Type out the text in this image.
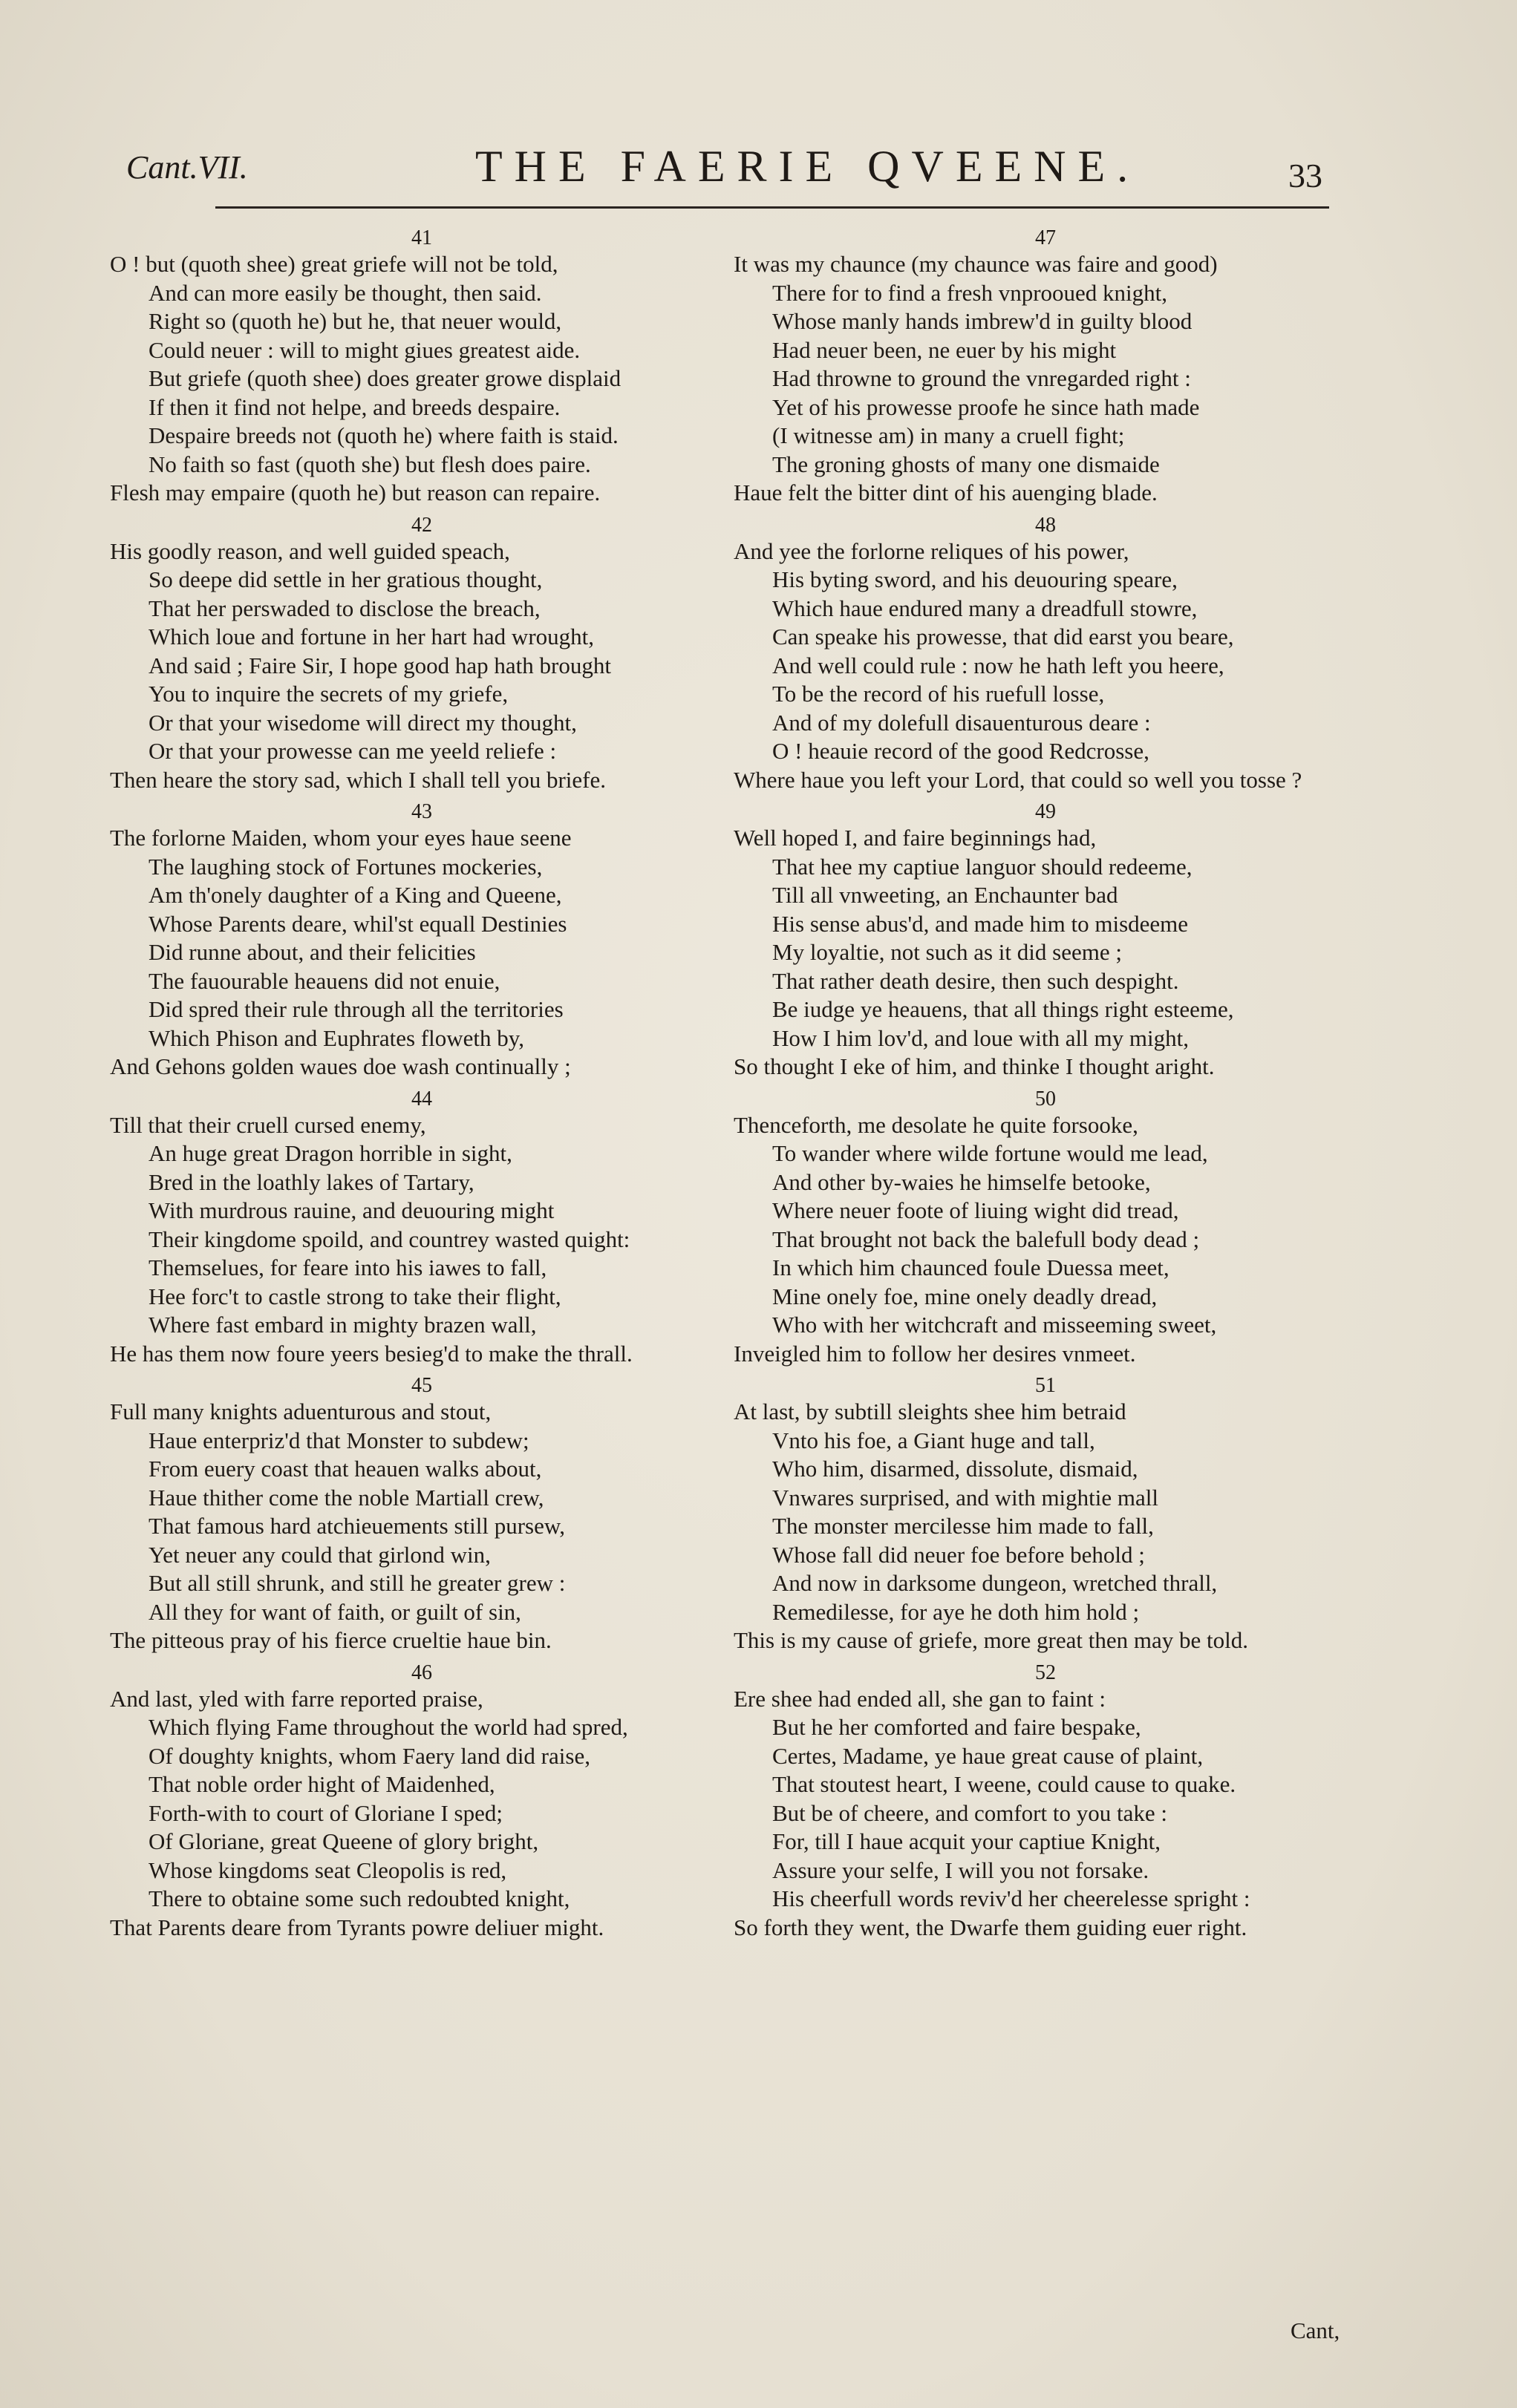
Cant.VII.	THE FAERIE QVEENE.	33
41
O ! but (quoth shee) great griefe will not be told,
And can more easily be thought, then said.
Right so (quoth he) but he, that neuer would,
Could neuer : will to might giues greatest aide.
But griefe (quoth shee) does greater growe displaid
If then it find not helpe, and breeds despaire.
Despaire breeds not (quoth he) where faith is staid.
No faith so fast (quoth she) but flesh does paire.
Flesh may empaire (quoth he) but reason can repaire.
42
His goodly reason, and well guided speach,
So deepe did settle in her gratious thought,
That her perswaded to disclose the breach,
Which loue and fortune in her hart had wrought,
And said ; Faire Sir, I hope good hap hath brought
You to inquire the secrets of my griefe,
Or that your wisedome will direct my thought,
Or that your prowesse can me yeeld reliefe :
Then heare the story sad, which I shall tell you briefe.
43
The forlorne Maiden, whom your eyes haue seene
The laughing stock of Fortunes mockeries,
Am th'onely daughter of a King and Queene,
Whose Parents deare, whil'st equall Destinies
Did runne about, and their felicities
The fauourable heauens did not enuie,
Did spred their rule through all the territories
Which Phison and Euphrates floweth by,
And Gehons golden waues doe wash continually ;
44
Till that their cruell cursed enemy,
An huge great Dragon horrible in sight,
Bred in the loathly lakes of Tartary,
With murdrous rauine, and deuouring might
Their kingdome spoild, and countrey wasted quight:
Themselues, for feare into his iawes to fall,
Hee forc't to castle strong to take their flight,
Where fast embard in mighty brazen wall,
He has them now foure yeers besieg'd to make the thrall.
45
Full many knights aduenturous and stout,
Haue enterpriz'd that Monster to subdew;
From euery coast that heauen walks about,
Haue thither come the noble Martiall crew,
That famous hard atchieuements still pursew,
Yet neuer any could that girlond win,
But all still shrunk, and still he greater grew :
All they for want of faith, or guilt of sin,
The pitteous pray of his fierce crueltie haue bin.
46
And last, yled with farre reported praise,
Which flying Fame throughout the world had spred,
Of doughty knights, whom Faery land did raise,
That noble order hight of Maidenhed,
Forth-with to court of Gloriane I sped;
Of Gloriane, great Queene of glory bright,
Whose kingdoms seat Cleopolis is red,
There to obtaine some such redoubted knight,
That Parents deare from Tyrants powre deliuer might.
47
It was my chaunce (my chaunce was faire and good)
There for to find a fresh vnprooued knight,
Whose manly hands imbrew'd in guilty blood
Had neuer been, ne euer by his might
Had throwne to ground the vnregarded right :
Yet of his prowesse proofe he since hath made
(I witnesse am) in many a cruell fight;
The groning ghosts of many one dismaide
Haue felt the bitter dint of his auenging blade.
48
And yee the forlorne reliques of his power,
His byting sword, and his deuouring speare,
Which haue endured many a dreadfull stowre,
Can speake his prowesse, that did earst you beare,
And well could rule : now he hath left you heere,
To be the record of his ruefull losse,
And of my dolefull disauenturous deare :
O ! heauie record of the good Redcrosse,
Where haue you left your Lord, that could so well you tosse ?
49
Well hoped I, and faire beginnings had,
That hee my captiue languor should redeeme,
Till all vnweeting, an Enchaunter bad
His sense abus'd, and made him to misdeeme
My loyaltie, not such as it did seeme ;
That rather death desire, then such despight.
Be iudge ye heauens, that all things right esteeme,
How I him lov'd, and loue with all my might,
So thought I eke of him, and thinke I thought aright.
50
Thenceforth, me desolate he quite forsooke,
To wander where wilde fortune would me lead,
And other by-waies he himselfe betooke,
Where neuer foote of liuing wight did tread,
That brought not back the balefull body dead ;
In which him chaunced foule Duessa meet,
Mine onely foe, mine onely deadly dread,
Who with her witchcraft and misseeming sweet,
Inveigled him to follow her desires vnmeet.
51
At last, by subtill sleights shee him betraid
Vnto his foe, a Giant huge and tall,
Who him, disarmed, dissolute, dismaid,
Vnwares surprised, and with mightie mall
The monster mercilesse him made to fall,
Whose fall did neuer foe before behold ;
And now in darksome dungeon, wretched thrall,
Remedilesse, for aye he doth him hold ;
This is my cause of griefe, more great then may be told.
52
Ere shee had ended all, she gan to faint :
But he her comforted and faire bespake,
Certes, Madame, ye haue great cause of plaint,
That stoutest heart, I weene, could cause to quake.
But be of cheere, and comfort to you take :
For, till I haue acquit your captiue Knight,
Assure your selfe, I will you not forsake.
His cheerfull words reviv'd her cheerelesse spright :
So forth they went, the Dwarfe them guiding euer right.
Cant,
